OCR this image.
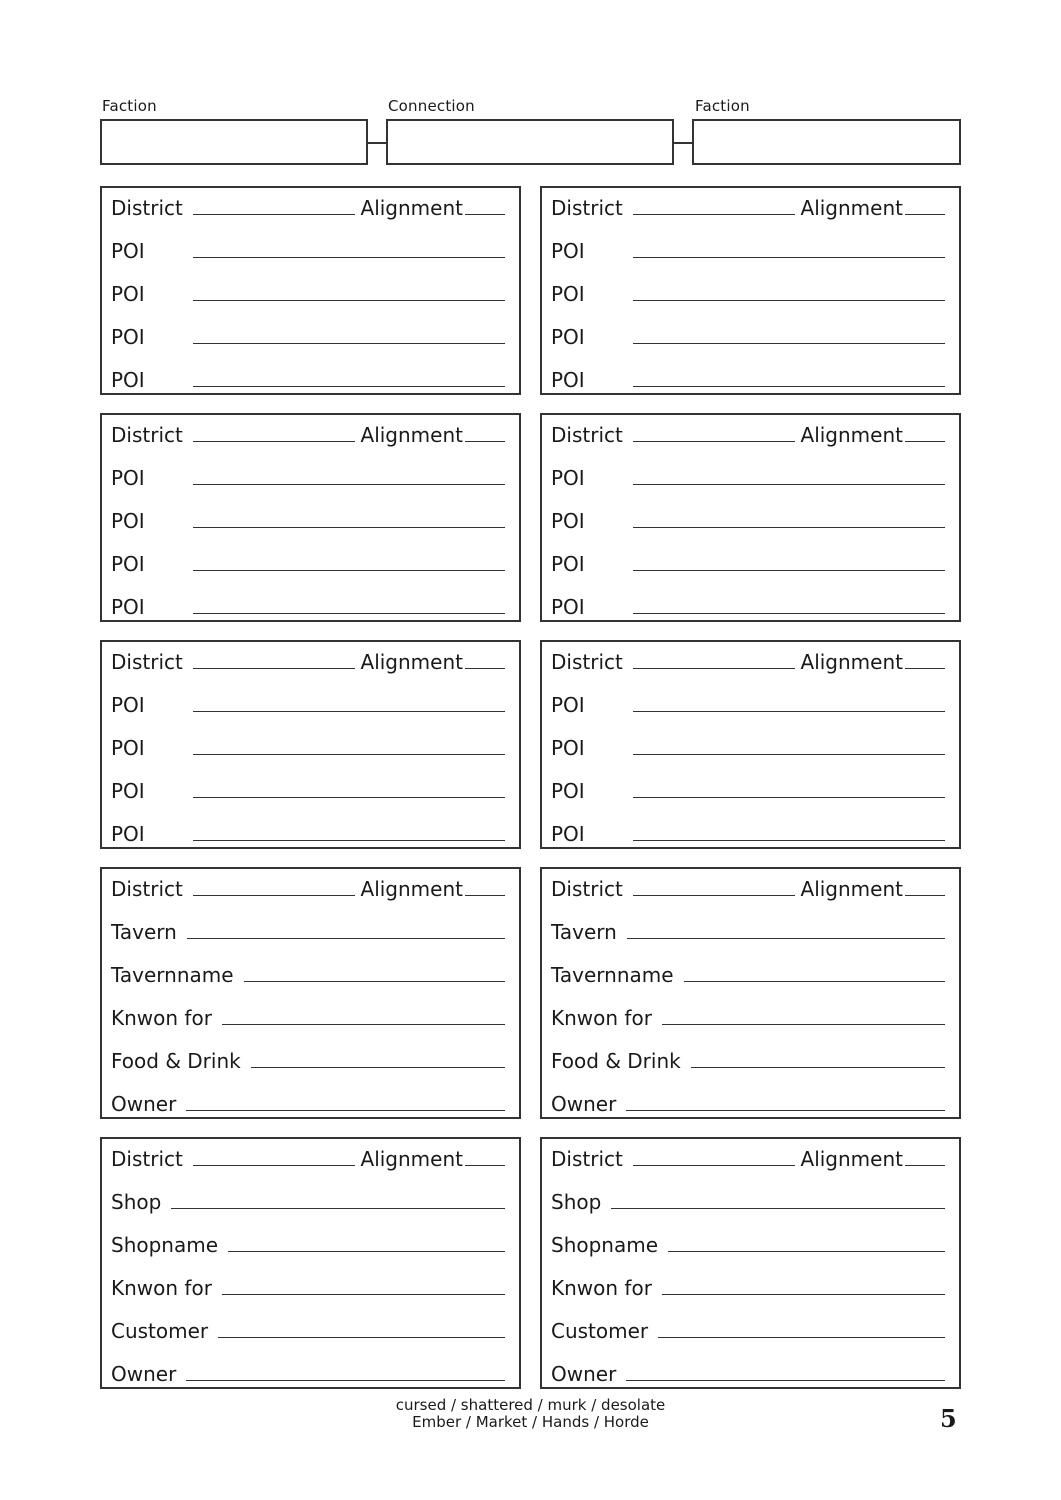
Faction	Connection	Faction
District	Alignment
POI
POI
POI
POI
District	Alignment
POI
POI
POI
POI
District	Alignment
POI
POI
POI
POI
District	Alignment
POI
POI
POI
POI
District	Alignment
POI
POI
POI
POI
District	Alignment
POI
POI
POI
POI
District	Alignment
Tavern
Tavernname
Knwon for
Food & Drink
Owner
District	Alignment
Tavern
Tavernname
Knwon for
Food & Drink
Owner
District	Alignment
Shop
Shopname
Knwon for
Customer
Owner
District	Alignment
Shop
Shopname
Knwon for
Customer
Owner
cursed / shattered / murk / desolate
Ember / Market / Hands / Horde	5
